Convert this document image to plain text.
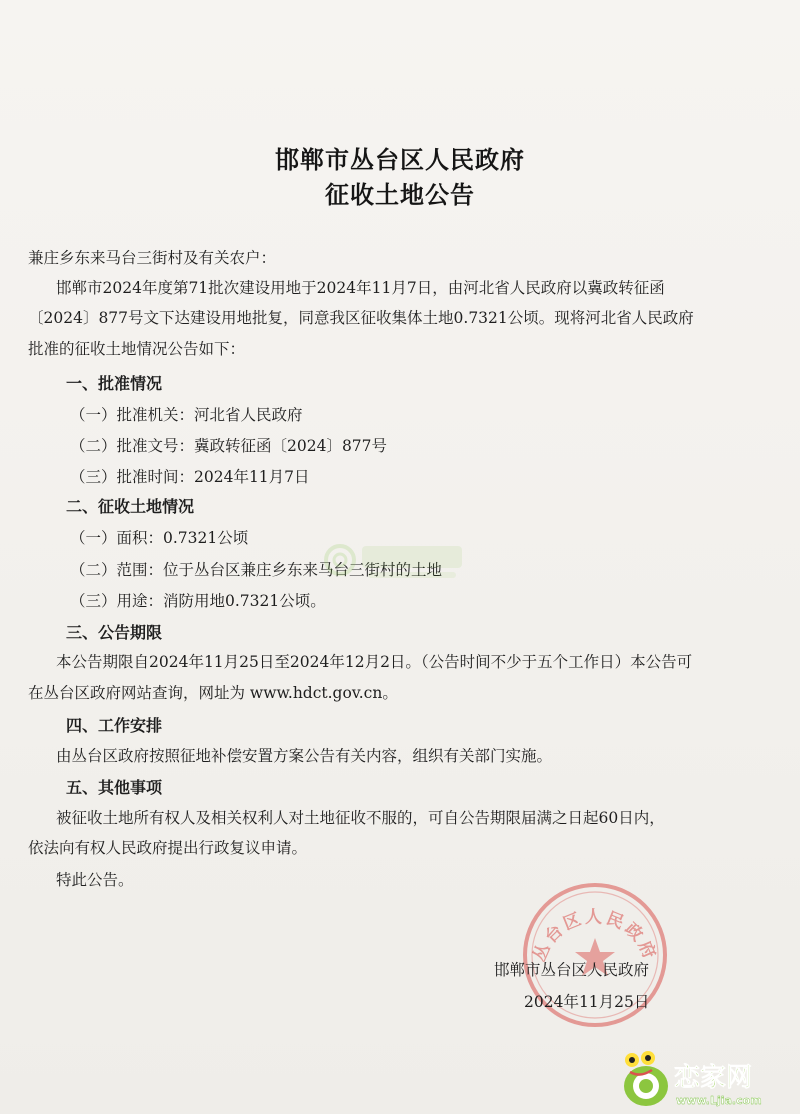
邯郸市丛台区人民政府
征收土地公告
兼庄乡东来马台三街村及有关农户：
邯郸市2024年度第71批次建设用地于2024年11月7日，由河北省人民政府以冀政转征函
〔2024〕877号文下达建设用地批复，同意我区征收集体土地0.7321公顷。现将河北省人民政府
批准的征收土地情况公告如下：
一、批准情况
（一）批准机关：河北省人民政府
（二）批准文号：冀政转征函〔2024〕877号
（三）批准时间：2024年11月7日
二、征收土地情况
（一）面积：0.7321公顷
（二）范围：位于丛台区兼庄乡东来马台三街村的土地
（三）用途：消防用地0.7321公顷。
三、公告期限
本公告期限自2024年11月25日至2024年12月2日。（公告时间不少于五个工作日）本公告可
在丛台区政府网站查询，网址为 www.hdct.gov.cn。
四、工作安排
由丛台区政府按照征地补偿安置方案公告有关内容，组织有关部门实施。
五、其他事项
被征收土地所有权人及相关权利人对土地征收不服的，可自公告期限届满之日起60日内，
依法向有权人民政府提出行政复议申请。
特此公告。
丛台区人民政府
邯郸市丛台区人民政府
2024年11月25日
恋家网
www.Ljia.com
